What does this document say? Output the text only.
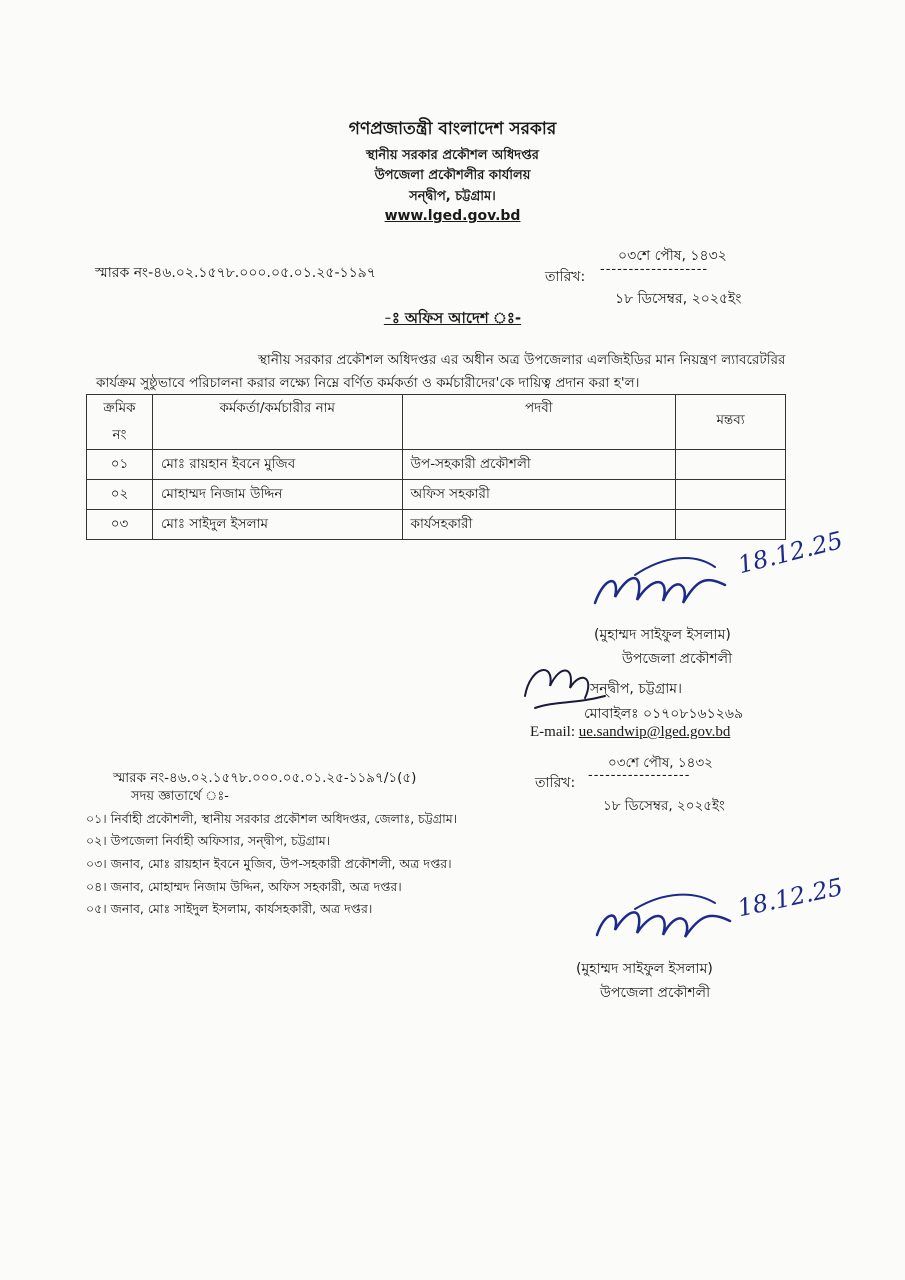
গণপ্রজাতন্ত্রী বাংলাদেশ সরকার
স্থানীয় সরকার প্রকৌশল অধিদপ্তর
উপজেলা প্রকৌশলীর কার্যালয়
সন্দ্বীপ, চট্টগ্রাম।
www.lged.gov.bd
স্মারক নং-৪৬.০২.১৫৭৮.০০০.০৫.০১.২৫-১১৯৭
০৩শে পৌষ, ১৪৩২
তারিখ: -------------------
১৮ ডিসেম্বর, ২০২৫ইং
-ঃ অফিস আদেশ ঃ-
স্থানীয় সরকার প্রকৌশল অধিদপ্তর এর অধীন অত্র উপজেলার এলজিইডির মান নিয়ন্ত্রণ ল্যাবরেটরির
কার্যক্রম সুষ্ঠুভাবে পরিচালনা করার লক্ষ্যে নিম্নে বর্ণিত কর্মকর্তা ও কর্মচারীদের'কে দায়িত্ব প্রদান করা হ'ল।
ক্রমিক	কর্মকর্তা/কর্মচারীর নাম	পদবী	মন্তব্য
নং			
০১	মোঃ রায়হান ইবনে মুজিব	উপ-সহকারী প্রকৌশলী	
০২	মোহাম্মদ নিজাম উদ্দিন	অফিস সহকারী	
০৩	মোঃ সাইদুল ইসলাম	কার্যসহকারী	
18.12.25
(মুহাম্মদ সাইফুল ইসলাম)
উপজেলা প্রকৌশলী
সন্দ্বীপ, চট্টগ্রাম।
মোবাইলঃ ০১৭০৮১৬১২৬৯
E-mail: ue.sandwip@lged.gov.bd
স্মারক নং-৪৬.০২.১৫৭৮.০০০.০৫.০১.২৫-১১৯৭/১(৫)
০৩শে পৌষ, ১৪৩২
তারিখ: ------------------
১৮ ডিসেম্বর, ২০২৫ইং
সদয় জ্ঞাতার্থে ঃ-
০১। নির্বাহী প্রকৌশলী, স্থানীয় সরকার প্রকৌশল অধিদপ্তর, জেলাঃ, চট্টগ্রাম।
০২। উপজেলা নির্বাহী অফিসার, সন্দ্বীপ, চট্টগ্রাম।
০৩। জনাব, মোঃ রায়হান ইবনে মুজিব, উপ-সহকারী প্রকৌশলী, অত্র দপ্তর।
০৪। জনাব, মোহাম্মদ নিজাম উদ্দিন, অফিস সহকারী, অত্র দপ্তর।
০৫। জনাব, মোঃ সাইদুল ইসলাম, কার্যসহকারী, অত্র দপ্তর।	18.12.25
(মুহাম্মদ সাইফুল ইসলাম)
উপজেলা প্রকৌশলী
